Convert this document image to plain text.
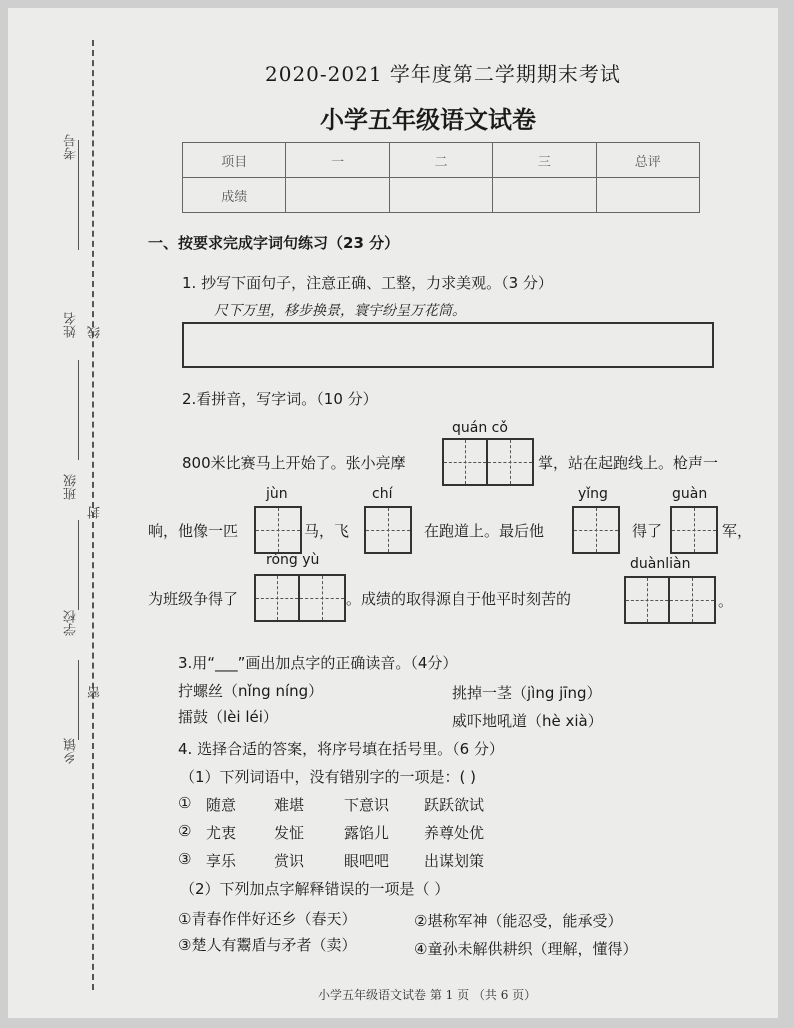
考号
姓名 线
班级
封
学校
密
乡镇
2020-2021 学年度第二学期期末考试
小学五年级语文试卷
项目	一	二	三	总评
成绩				
一、按要求完成字词句练习（23 分）
1. 抄写下面句子，注意正确、工整，力求美观。（3 分）
尺下万里，移步换景，寰宇纷呈万花筒。
2.看拼音，写字词。（10 分）
quán cǒ
jùn	chí	yǐng	guàn
róng yù	duànliàn
800米比赛马上开始了。张小亮摩	掌，站在起跑线上。枪声一
响，他像一匹	马，飞	在跑道上。最后他	得了	军，
为班级争得了	。成绩的取得源自于他平时刻苦的	。
3.用“___”画出加点字的正确读音。（4分）
拧螺丝（nǐng níng）	挑掉一茎（jìng jīng）
擂鼓（lèi léi）	威吓地吼道（hè xià）
4. 选择合适的答案，将序号填在括号里。（6 分）
（1）下列词语中，没有错别字的一项是：( )
① 随意	难堪	下意识 跃跃欲试
② 尤衷	发怔	露馅儿 养尊处优
③ 享乐	赏识	眼吧吧 出谋划策
（2）下列加点字解释错误的一项是（ ）
①青春作伴好还乡（春天）	②堪称军神（能忍受，能承受）
③楚人有鬻盾与矛者（卖）	④童孙未解供耕织（理解，懂得）
小学五年级语文试卷 第 1 页 （共 6 页）
